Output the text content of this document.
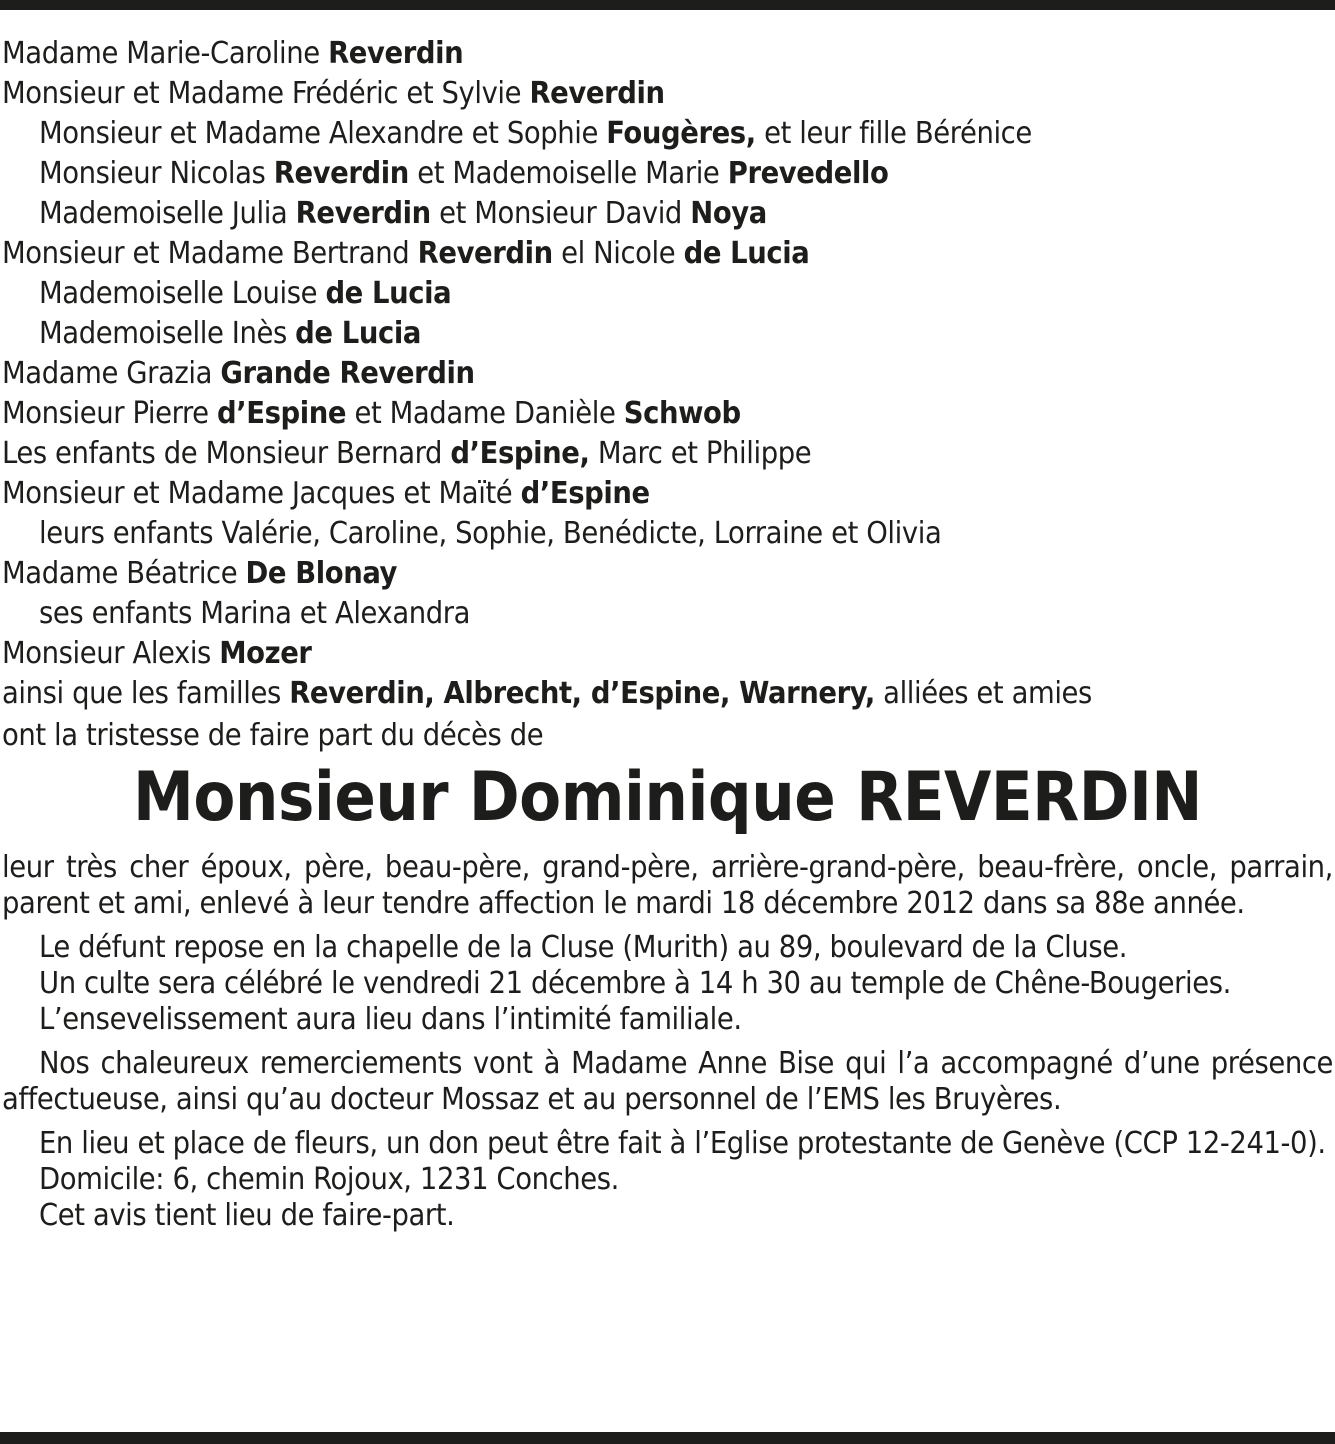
Madame Marie-Caroline Reverdin
Monsieur et Madame Frédéric et Sylvie Reverdin
Monsieur et Madame Alexandre et Sophie Fougères, et leur fille Bérénice
Monsieur Nicolas Reverdin et Mademoiselle Marie Prevedello
Mademoiselle Julia Reverdin et Monsieur David Noya
Monsieur et Madame Bertrand Reverdin el Nicole de Lucia
Mademoiselle Louise de Lucia
Mademoiselle Inès de Lucia
Madame Grazia Grande Reverdin
Monsieur Pierre d’Espine et Madame Danièle Schwob
Les enfants de Monsieur Bernard d’Espine, Marc et Philippe
Monsieur et Madame Jacques et Maïté d’Espine
leurs enfants Valérie, Caroline, Sophie, Benédicte, Lorraine et Olivia
Madame Béatrice De Blonay
ses enfants Marina et Alexandra
Monsieur Alexis Mozer
ainsi que les familles Reverdin, Albrecht, d’Espine, Warnery, alliées et amies
ont la tristesse de faire part du décès de
Monsieur Dominique REVERDIN

leur très cher époux, père, beau-père, grand-père, arrière-grand-père, beau-frère, oncle, parrain, parent et ami, enlevé à leur tendre affection le mardi 18 décembre 2012 dans sa 88e année.

Le défunt repose en la chapelle de la Cluse (Murith) au 89, boulevard de la Cluse.

Un culte sera célébré le vendredi 21 décembre à 14 h 30 au temple de Chêne-Bougeries.

L’ensevelissement aura lieu dans l’intimité familiale.

Nos chaleureux remerciements vont à Madame Anne Bise qui l’a accompagné d’une présence affectueuse, ainsi qu’au docteur Mossaz et au personnel de l’EMS les Bruyères.

En lieu et place de fleurs, un don peut être fait à l’Eglise protestante de Genève (CCP 12-241-0).

Domicile: 6, chemin Rojoux, 1231 Conches.
Cet avis tient lieu de faire-part.
